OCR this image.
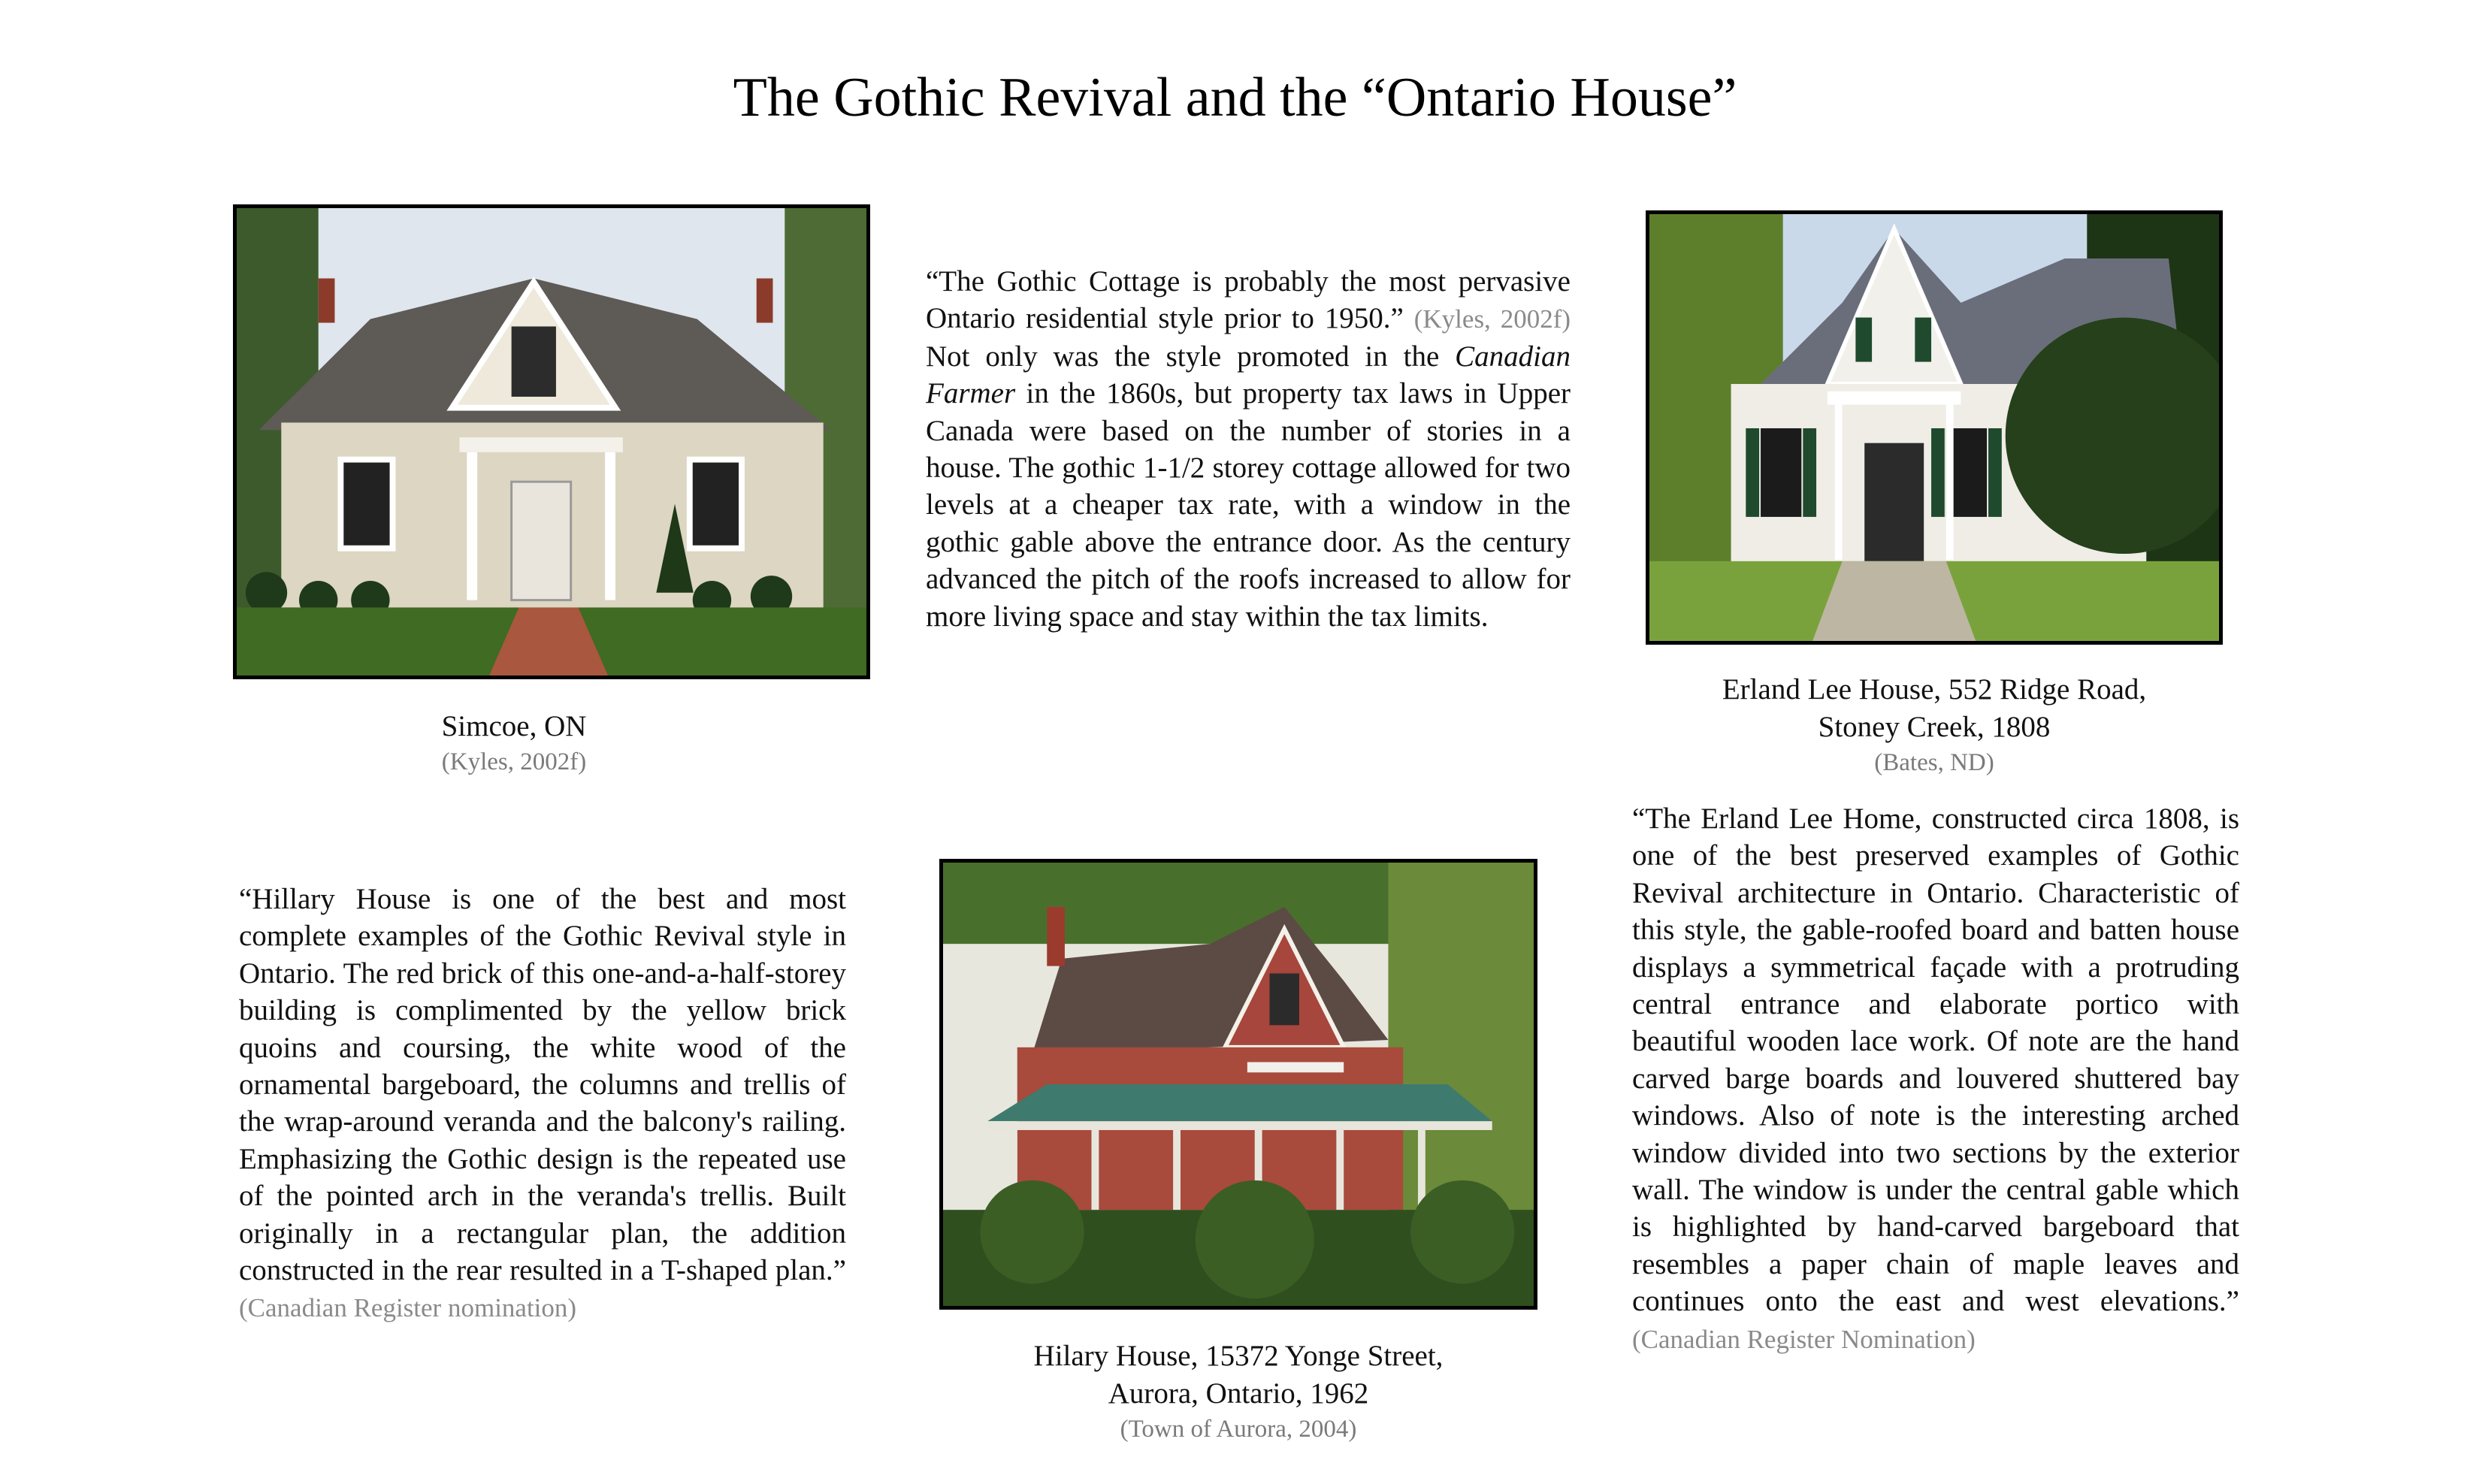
The Gothic Revival and the “Ontario House”
Simcoe, ON
(Kyles, 2002f)
“The Gothic Cottage is probably the most pervasive Ontario residential style prior to 1950.” (Kyles, 2002f) Not only was the style promoted in the Canadian Farmer in the 1860s, but property tax laws in Upper Canada were based on the number of stories in a house. The gothic 1-1/2 storey cottage allowed for two levels at a cheaper tax rate, with a window in the gothic gable above the entrance door. As the century advanced the pitch of the roofs increased to allow for more living space and stay within the tax limits.
Erland Lee House, 552 Ridge Road,
Stoney Creek, 1808
(Bates, ND)
“Hillary House is one of the best and most complete examples of the Gothic Revival style in Ontario. The red brick of this one-and-a-half-storey building is complimented by the yellow brick quoins and coursing, the white wood of the ornamental bargeboard, the columns and trellis of the wrap-around veranda and the balcony's railing. Emphasizing the Gothic design is the repeated use of the pointed arch in the veranda's trellis. Built originally in a rectangular plan, the addition constructed in the rear resulted in a T-shaped plan.” (Canadian Register nomination)
Hilary House, 15372 Yonge Street,
Aurora, Ontario, 1962
(Town of Aurora, 2004)
“The Erland Lee Home, constructed circa 1808, is one of the best preserved examples of Gothic Revival architecture in Ontario. Characteristic of this style, the gable-roofed board and batten house displays a symmetrical façade with a protruding central entrance and elaborate portico with beautiful wooden lace work. Of note are the hand carved barge boards and louvered shuttered bay windows. Also of note is the interesting arched window divided into two sections by the exterior wall. The window is under the central gable which is highlighted by hand-carved bargeboard that resembles a paper chain of maple leaves and continues onto the east and west elevations.” (Canadian Register Nomination)
